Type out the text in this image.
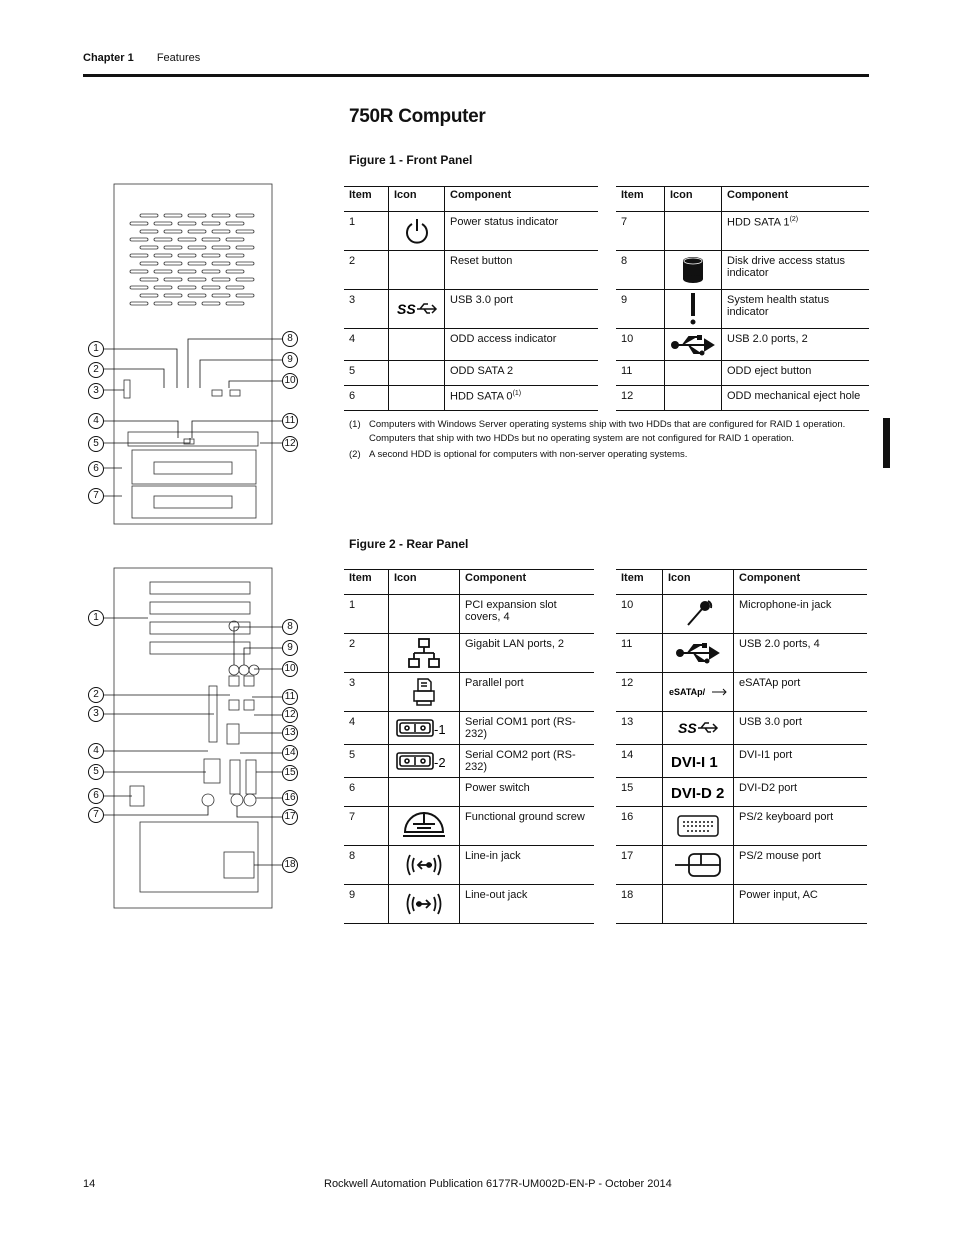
Chapter 1 Features
750R Computer
1
2
3
4
5
6
7
8
9
10
11
12
Figure 1 - Front Panel
Item	Icon	Component
1		Power status indicator
2		Reset button
3	SS	USB 3.0 port
4		ODD access indicator
5		ODD SATA 2
6		HDD SATA 0$^{(1)}$
Item	Icon	Component
7		HDD SATA 1$^{(2)}$
8		Disk drive access status indicator
9		System health status indicator
10		USB 2.0 ports, 2
11		ODD eject button
12		ODD mechanical eject hole
(1) Computers with Windows Server operating systems ship with two HDDs that are configured for RAID 1 operation. Computers that ship with two HDDs but no operating system are not configured for RAID 1 operation.
(2) A second HDD is optional for computers with non-server operating systems.
1
2
3
4
5
6
7
8
9
10
11
12
13
14
15
16
17
18
Figure 2 - Rear Panel
Item	Icon	Component
1		PCI expansion slot covers, 4
2		Gigabit LAN ports, 2
3		Parallel port
4	-1	Serial COM1 port (RS-232)
5	-2	Serial COM2 port (RS-232)
6		Power switch
7		Functional ground screw
8		Line-in jack
9		Line-out jack
Item	Icon	Component
10		Microphone-in jack
11		USB 2.0 ports, 4
12	eSATAp/	eSATAp port
13	SS	USB 3.0 port
14	DVI-I 1	DVI-I1 port
15	DVI-D 2	DVI-D2 port
16		PS/2 keyboard port
17		PS/2 mouse port
18		Power input, AC
14	Rockwell Automation Publication 6177R-UM002D-EN-P - October 2014
